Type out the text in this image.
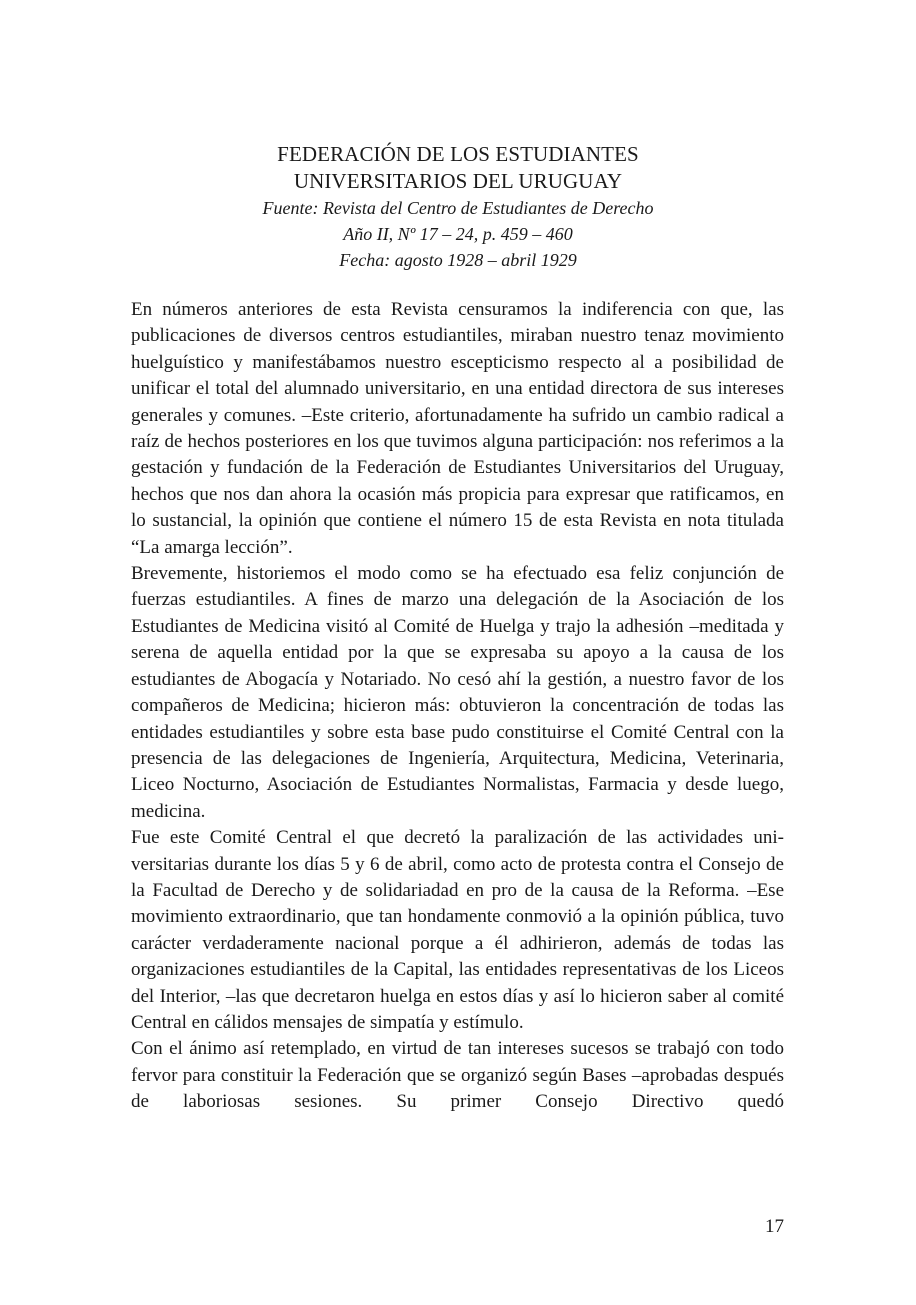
FEDERACIÓN DE LOS ESTUDIANTES
UNIVERSITARIOS DEL URUGUAY
Fuente: Revista del Centro de Estudiantes de Derecho
Año II, Nº 17 – 24, p. 459 – 460
Fecha: agosto 1928 – abril 1929

En números anteriores de esta Revista censuramos la indiferencia con que, las publicaciones de diversos centros estudiantiles, miraban nuestro tenaz movimiento huelguístico y manifestábamos nuestro escepticismo respecto al a posibilidad de unificar el total del alumnado universitario, en una entidad directora de sus intereses generales y comunes. –Este criterio, afortunadamente ha sufrido un cambio radical a raíz de hechos posteriores en los que tuvimos alguna participación: nos referimos a la gestación y fundación de la Federación de Estudiantes Universitarios del Uruguay, hechos que nos dan ahora la ocasión más propicia para expresar que ratificamos, en lo sustancial, la opinión que contiene el número 15 de esta Revista en nota titulada “La amarga lección”.

Brevemente, historiemos el modo como se ha efectuado esa feliz conjunción de fuerzas estudiantiles. A fines de marzo una delegación de la Asociación de los Estudiantes de Medicina visitó al Comité de Huelga y trajo la adhesión –meditada y serena de aquella entidad por la que se expresaba su apoyo a la causa de los estudiantes de Abogacía y Notariado. No cesó ahí la gestión, a nuestro favor de los compañeros de Medicina; hicieron más: obtuvieron la concentración de todas las entidades estudiantiles y sobre esta base pudo constituirse el Comité Central con la presencia de las delegaciones de Ingeniería, Arquitectura, Medicina, Veterinaria, Liceo Nocturno, Asociación de Estudiantes Normalistas, Farmacia y desde luego, medicina.

Fue este Comité Central el que decretó la paralización de las actividades universitarias durante los días 5 y 6 de abril, como acto de protesta contra el Consejo de la Facultad de Derecho y de solidariadad en pro de la causa de la Reforma. –Ese movimiento extraordinario, que tan hondamente conmovió a la opinión pública, tuvo carácter verdaderamente nacional porque a él adhirieron, además de todas las organizaciones estudiantiles de la Capital, las entidades representativas de los Liceos del Interior, –las que decretaron huelga en estos días y así lo hicieron saber al comité Central en cálidos mensajes de simpatía y estímulo.

Con el ánimo así retemplado, en virtud de tan intereses sucesos se trabajó con todo fervor para constituir la Federación que se organizó según Bases –aprobadas después de laboriosas sesiones. Su primer Consejo Directivo quedó

17
